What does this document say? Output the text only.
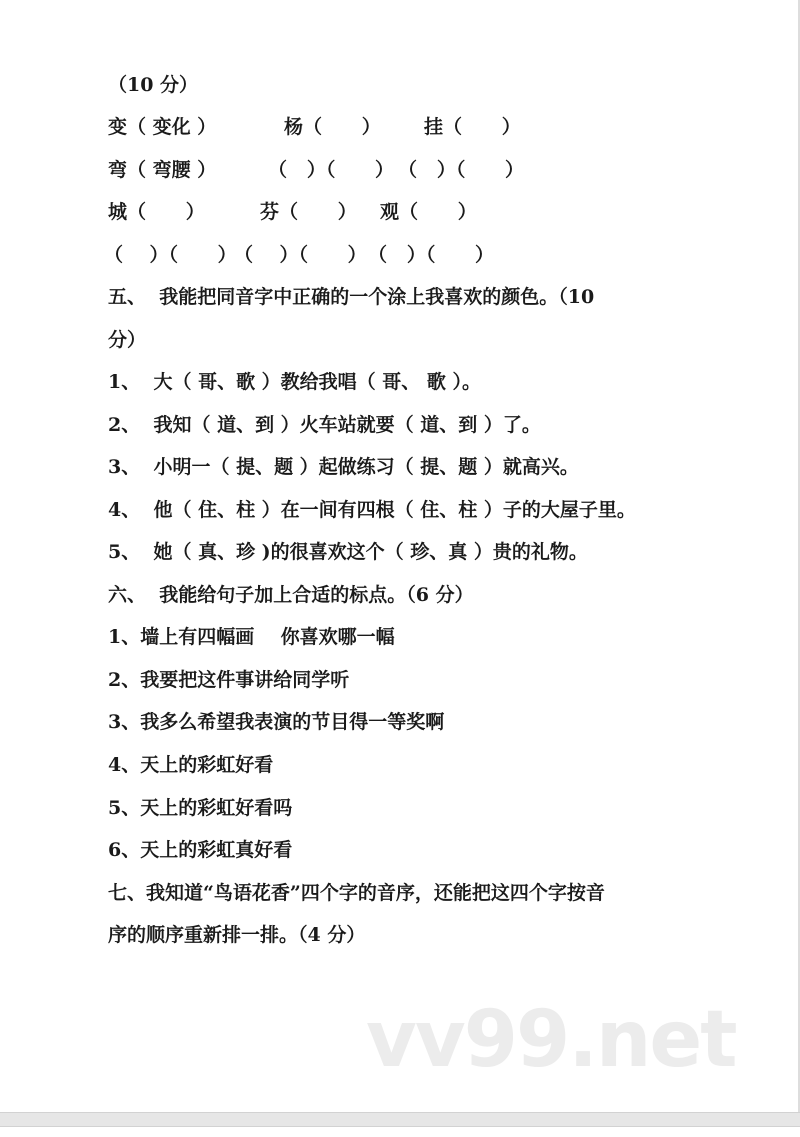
（10 分）
变（ 变化 ）	杨（      ） 挂（      ）
弯（ 弯腰 ）	（   ）（      ） （   ）（      ）
城（      ）	芬（      ） 观（      ）
（    ）（      ）
（    ）（      ） （   ）（      ）
五、  我能把同音字中正确的一个涂上我喜欢的颜色。（10
分）
1、  大（ 哥、歌 ）教给我唱（ 哥、 歌 ）。
2、  我知（ 道、到 ）火车站就要（ 道、到 ）了。
3、  小明一（ 提、题 ）起做练习（ 提、题 ）就高兴。
4、  他（ 住、柱 ）在一间有四根（ 住、柱 ）子的大屋子里。
5、  她（ 真、珍 )的很喜欢这个（ 珍、真 ）贵的礼物。
六、  我能给句子加上合适的标点。（6 分）
1、墙上有四幅画    你喜欢哪一幅
2、我要把这件事讲给同学听
3、我多么希望我表演的节目得一等奖啊
4、天上的彩虹好看
5、天上的彩虹好看吗
6、天上的彩虹真好看
七、我知道“鸟语花香”四个字的音序，还能把这四个字按音
序的顺序重新排一排。（4 分）
vv99.net
